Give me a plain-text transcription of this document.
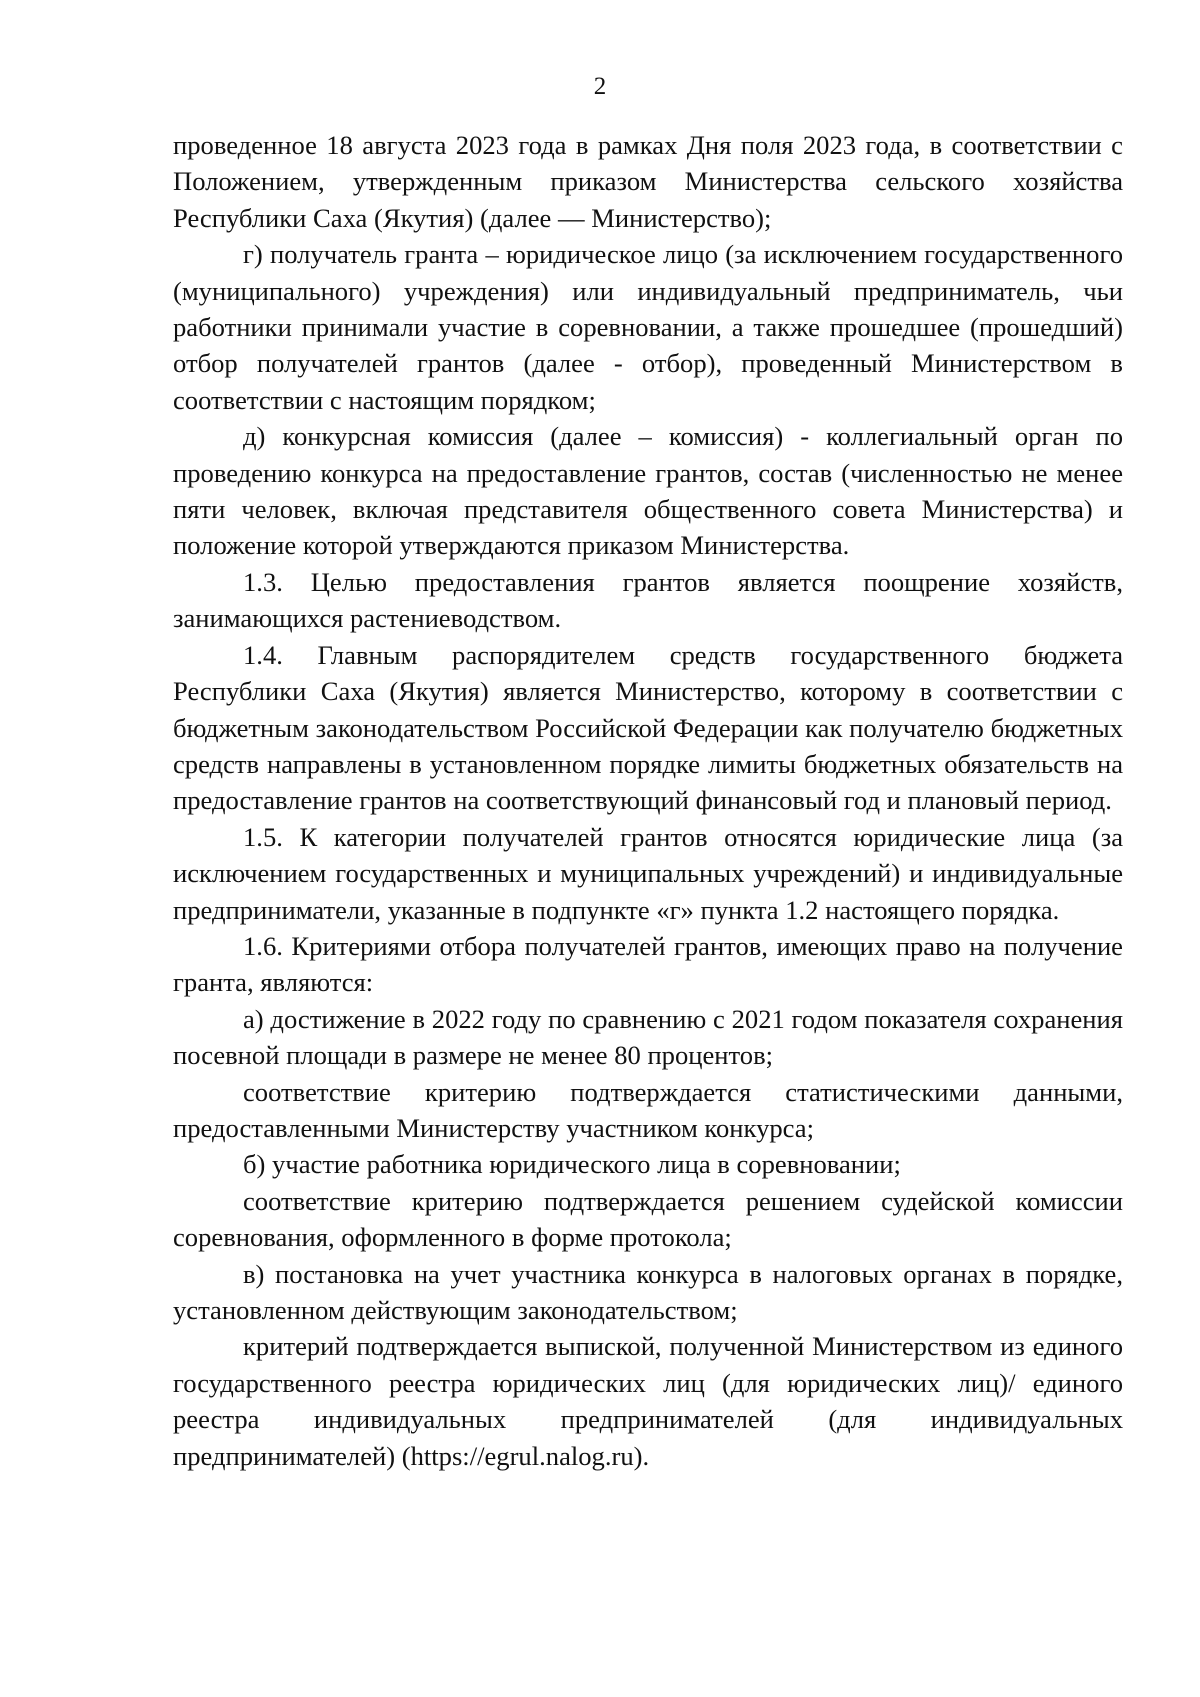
2

проведенное 18 августа 2023 года в рамках Дня поля 2023 года, в соответствии с Положением, утвержденным приказом Министерства сельского хозяйства Республики Саха (Якутия) (далее — Министерство);

г) получатель гранта – юридическое лицо (за исключением государственного (муниципального) учреждения) или индивидуальный предприниматель, чьи работники принимали участие в соревновании, а также прошедшее (прошедший) отбор получателей грантов (далее - отбор), проведенный Министерством в соответствии с настоящим порядком;

д) конкурсная комиссия (далее – комиссия) - коллегиальный орган по проведению конкурса на предоставление грантов, состав (численностью не менее пяти человек, включая представителя общественного совета Министерства) и положение которой утверждаются приказом Министерства.

1.3. Целью предоставления грантов является поощрение хозяйств, занимающихся растениеводством.

1.4. Главным распорядителем средств государственного бюджета Республики Саха (Якутия) является Министерство, которому в соответствии с бюджетным законодательством Российской Федерации как получателю бюджетных средств направлены в установленном порядке лимиты бюджетных обязательств на предоставление грантов на соответствующий финансовый год и плановый период.

1.5. К категории получателей грантов относятся юридические лица (за исключением государственных и муниципальных учреждений) и индивидуальные предприниматели, указанные в подпункте «г» пункта 1.2 настоящего порядка.

1.6. Критериями отбора получателей грантов, имеющих право на получение гранта, являются:

а) достижение в 2022 году по сравнению с 2021 годом показателя сохранения посевной площади в размере не менее 80 процентов;

соответствие критерию подтверждается статистическими данными, предоставленными Министерству участником конкурса;

б) участие работника юридического лица в соревновании;

соответствие критерию подтверждается решением судейской комиссии соревнования, оформленного в форме протокола;

в) постановка на учет участника конкурса в налоговых органах в порядке, установленном действующим законодательством;

критерий подтверждается выпиской, полученной Министерством из единого государственного реестра юридических лиц (для юридических лиц)/ единого реестра индивидуальных предпринимателей (для индивидуальных предпринимателей) (https://egrul.nalog.ru).
